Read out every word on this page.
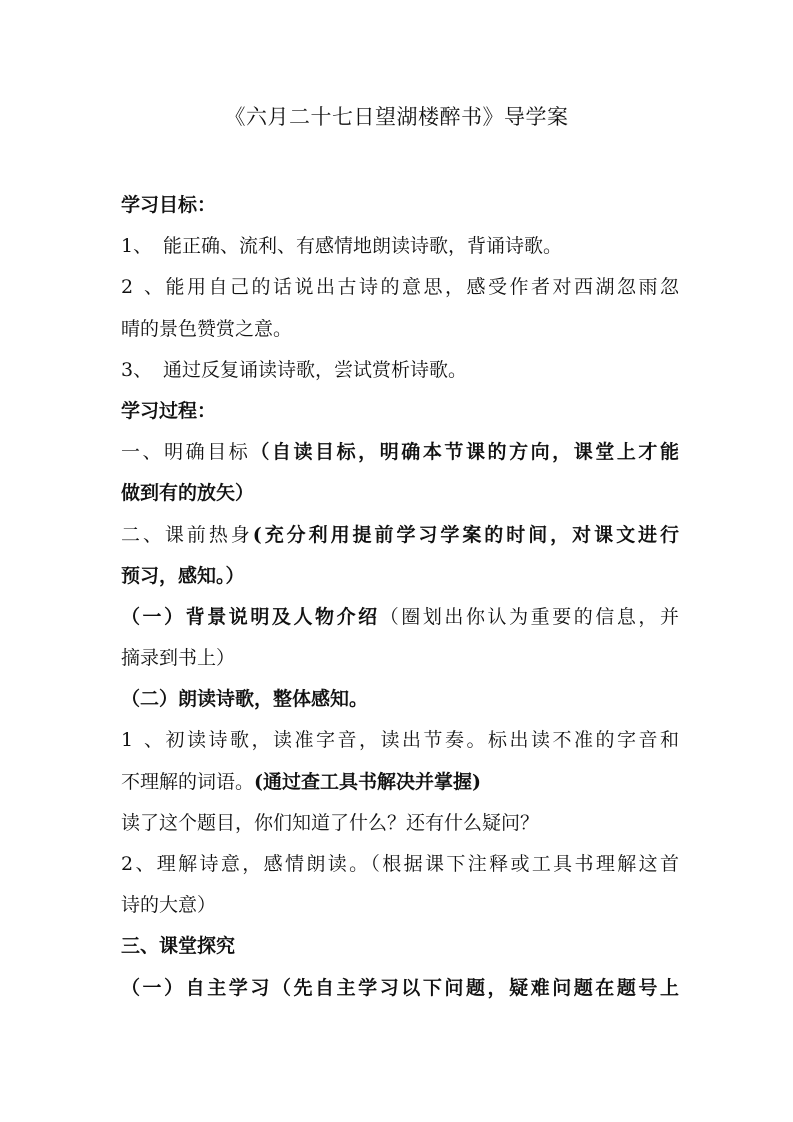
《六月二十七日望湖楼醉书》导学案
学习目标：
1、 能正确、流利、有感情地朗读诗歌，背诵诗歌。
2、能用自己的话说出古诗的意思，感受作者对西湖忽雨忽
晴的景色赞赏之意。
3、 通过反复诵读诗歌，尝试赏析诗歌。
学习过程：
一、明确目标（自读目标，明确本节课的方向，课堂上才能
做到有的放矢）
二、课前热身(充分利用提前学习学案的时间，对课文进行
预习，感知。）
（一）背景说明及人物介绍（圈划出你认为重要的信息，并
摘录到书上）
（二）朗读诗歌，整体感知。
1、初读诗歌，读准字音，读出节奏。标出读不准的字音和
不理解的词语。(通过查工具书解决并掌握)
读了这个题目，你们知道了什么？还有什么疑问？
2、理解诗意，感情朗读。（根据课下注释或工具书理解这首
诗的大意）
三、课堂探究
（一）自主学习（先自主学习以下问题，疑难问题在题号上
